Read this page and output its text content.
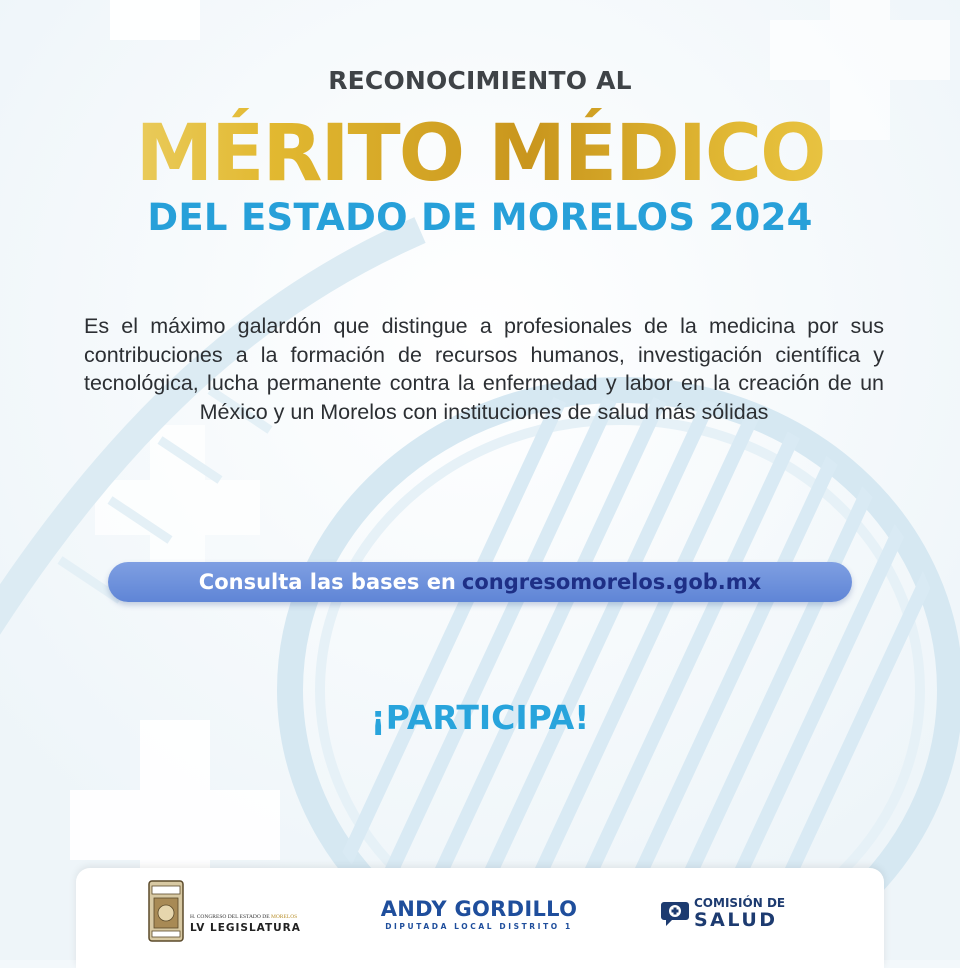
RECONOCIMIENTO AL
MÉRITO MÉDICO
DEL ESTADO DE MORELOS 2024
Es el máximo galardón que distingue a profesionales de la medicina por sus contribuciones a la formación de recursos humanos, investigación científica y tecnológica, lucha permanente contra la enfermedad y labor en la creación de un México y un Morelos con instituciones de salud más sólidas
Consulta las bases en congresomorelos.gob.mx
¡PARTICIPA!
H. CONGRESO DEL ESTADO DE MORELOS
LV LEGISLATURA
ANDY GORDILLO
DIPUTADA LOCAL DISTRITO 1
COMISIÓN DE
SALUD
